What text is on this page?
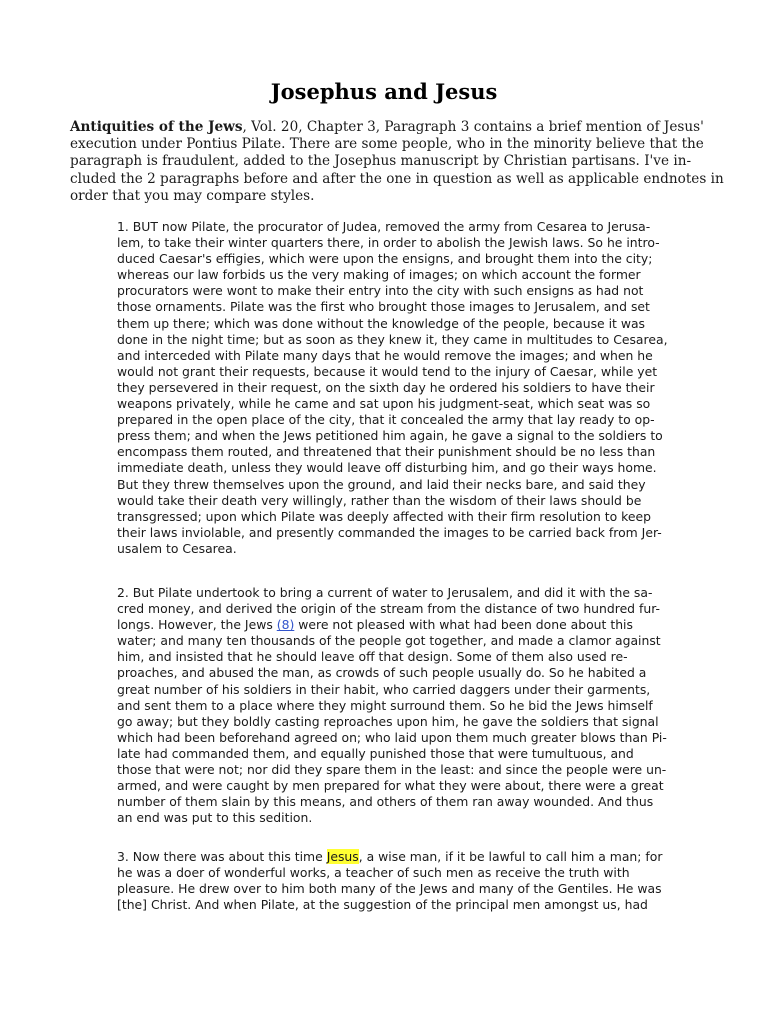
Josephus and Jesus
Antiquities of the Jews, Vol. 20, Chapter 3, Paragraph 3 contains a brief mention of Jesus'
execution under Pontius Pilate. There are some people, who in the minority believe that the
paragraph is fraudulent, added to the Josephus manuscript by Christian partisans. I've in-
cluded the 2 paragraphs before and after the one in question as well as applicable endnotes in
order that you may compare styles.
1. BUT now Pilate, the procurator of Judea, removed the army from Cesarea to Jerusa-
lem, to take their winter quarters there, in order to abolish the Jewish laws. So he intro-
duced Caesar's effigies, which were upon the ensigns, and brought them into the city;
whereas our law forbids us the very making of images; on which account the former
procurators were wont to make their entry into the city with such ensigns as had not
those ornaments. Pilate was the first who brought those images to Jerusalem, and set
them up there; which was done without the knowledge of the people, because it was
done in the night time; but as soon as they knew it, they came in multitudes to Cesarea,
and interceded with Pilate many days that he would remove the images; and when he
would not grant their requests, because it would tend to the injury of Caesar, while yet
they persevered in their request, on the sixth day he ordered his soldiers to have their
weapons privately, while he came and sat upon his judgment-seat, which seat was so
prepared in the open place of the city, that it concealed the army that lay ready to op-
press them; and when the Jews petitioned him again, he gave a signal to the soldiers to
encompass them routed, and threatened that their punishment should be no less than
immediate death, unless they would leave off disturbing him, and go their ways home.
But they threw themselves upon the ground, and laid their necks bare, and said they
would take their death very willingly, rather than the wisdom of their laws should be
transgressed; upon which Pilate was deeply affected with their firm resolution to keep
their laws inviolable, and presently commanded the images to be carried back from Jer-
usalem to Cesarea.
2. But Pilate undertook to bring a current of water to Jerusalem, and did it with the sa-
cred money, and derived the origin of the stream from the distance of two hundred fur-
longs. However, the Jews (8) were not pleased with what had been done about this
water; and many ten thousands of the people got together, and made a clamor against
him, and insisted that he should leave off that design. Some of them also used re-
proaches, and abused the man, as crowds of such people usually do. So he habited a
great number of his soldiers in their habit, who carried daggers under their garments,
and sent them to a place where they might surround them. So he bid the Jews himself
go away; but they boldly casting reproaches upon him, he gave the soldiers that signal
which had been beforehand agreed on; who laid upon them much greater blows than Pi-
late had commanded them, and equally punished those that were tumultuous, and
those that were not; nor did they spare them in the least: and since the people were un-
armed, and were caught by men prepared for what they were about, there were a great
number of them slain by this means, and others of them ran away wounded. And thus
an end was put to this sedition.
3. Now there was about this time Jesus, a wise man, if it be lawful to call him a man; for
he was a doer of wonderful works, a teacher of such men as receive the truth with
pleasure. He drew over to him both many of the Jews and many of the Gentiles. He was
[the] Christ. And when Pilate, at the suggestion of the principal men amongst us, had
